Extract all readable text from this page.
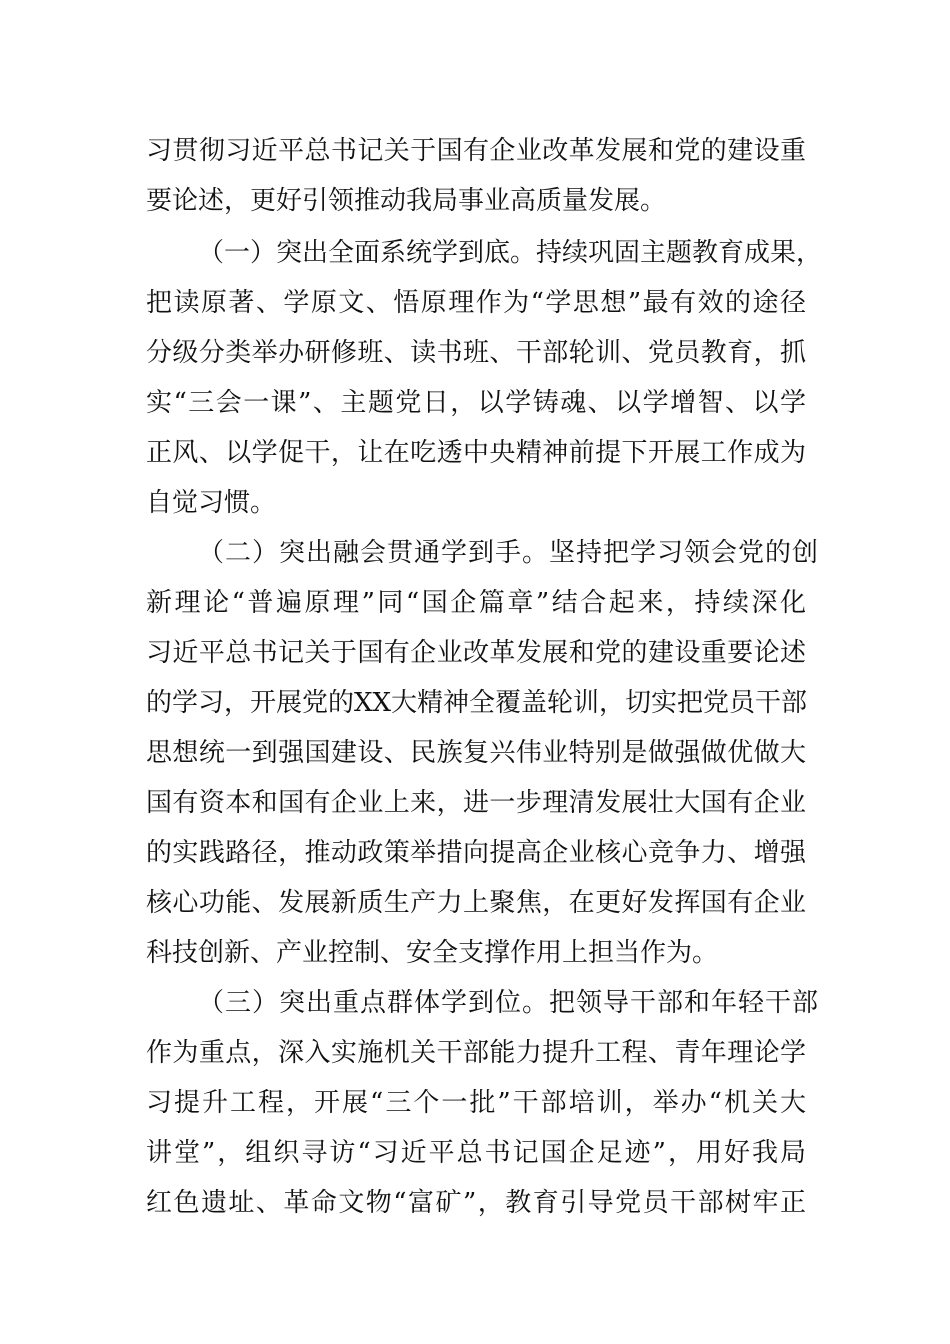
习贯彻习近平总书记关于国有企业改革发展和党的建设重
要论述，更好引领推动我局事业高质量发展。
（一）突出全面系统学到底。持续巩固主题教育成果，
把读原著、学原文、悟原理作为“学思想”最有效的途径
分级分类举办研修班、读书班、干部轮训、党员教育，抓
实“三会一课”、主题党日，以学铸魂、以学增智、以学
正风、以学促干，让在吃透中央精神前提下开展工作成为
自觉习惯。
（二）突出融会贯通学到手。坚持把学习领会党的创
新理论“普遍原理”同“国企篇章”结合起来，持续深化
习近平总书记关于国有企业改革发展和党的建设重要论述
的学习，开展党的XX大精神全覆盖轮训，切实把党员干部
思想统一到强国建设、民族复兴伟业特别是做强做优做大
国有资本和国有企业上来，进一步理清发展壮大国有企业
的实践路径，推动政策举措向提高企业核心竞争力、增强
核心功能、发展新质生产力上聚焦，在更好发挥国有企业
科技创新、产业控制、安全支撑作用上担当作为。
（三）突出重点群体学到位。把领导干部和年轻干部
作为重点，深入实施机关干部能力提升工程、青年理论学
习提升工程，开展“三个一批”干部培训，举办“机关大
讲堂”，组织寻访“习近平总书记国企足迹”，用好我局
红色遗址、革命文物“富矿”，教育引导党员干部树牢正
